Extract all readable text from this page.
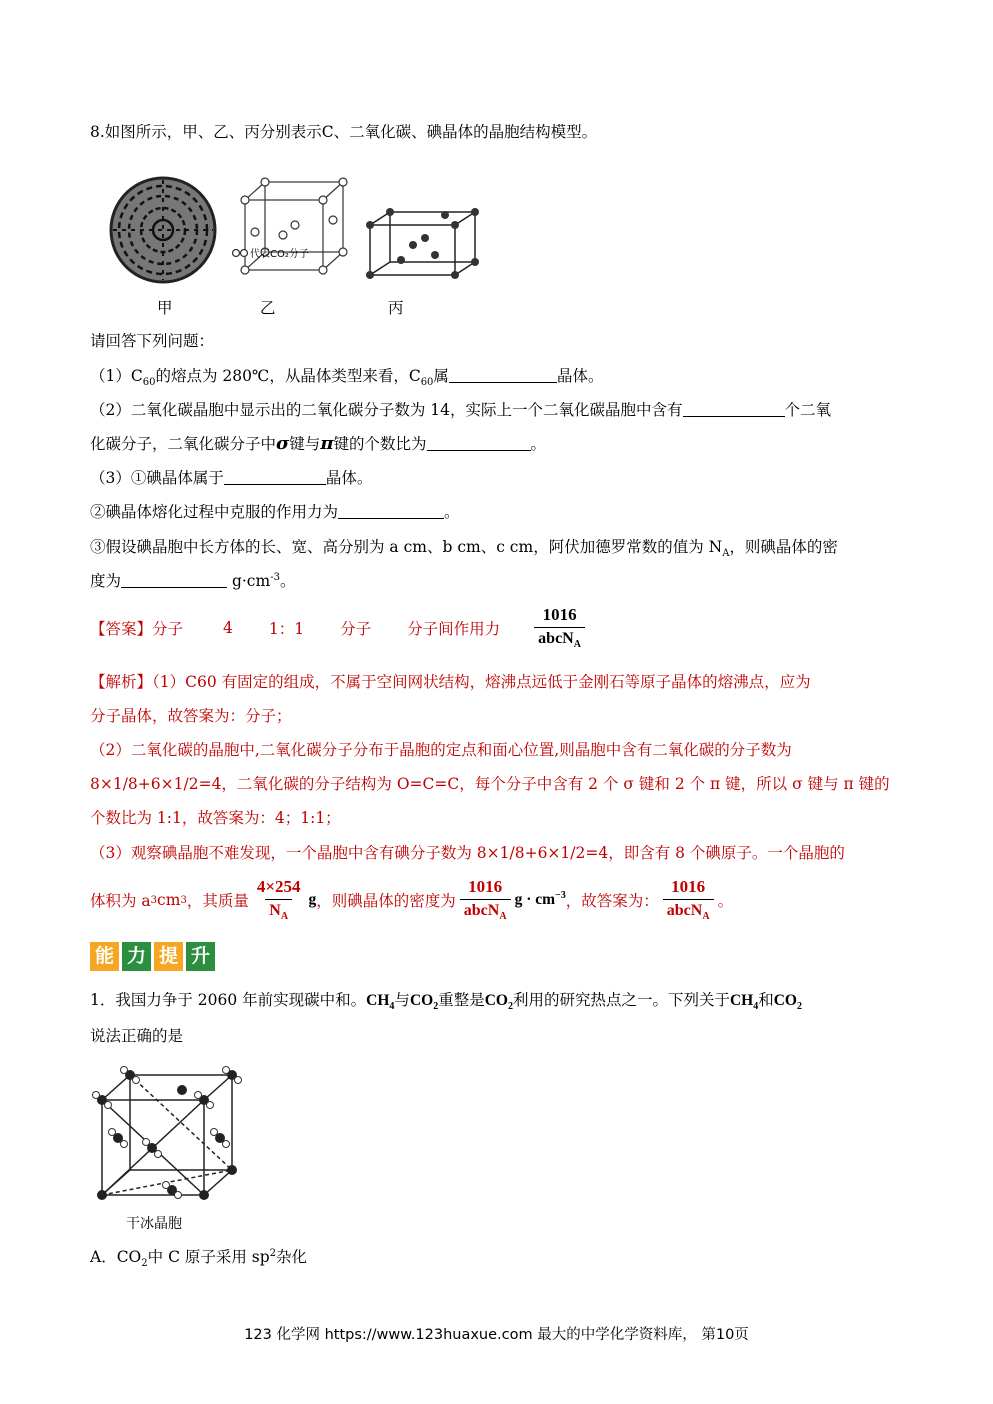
8.如图所示，甲、乙、丙分别表示C、二氧化碳、碘晶体的晶胞结构模型。
代表CO₂分子
甲	乙	丙
请回答下列问题：
$(1)C_{60}$的熔点为 280℃，从晶体类型来看，$C_{60}$属	晶体。
（2）二氧化碳晶胞中显示出的二氧化碳分子数为 14，实际上一个二氧化碳晶胞中含有	个二氧
化碳分子，二氧化碳分子中σ键与π键的个数比为	。
（3）①碘晶体属于	晶体。
②碘晶体熔化过程中克服的作用力为	。
③假设碘晶胞中长方体的长、宽、高分别为 a cm、b cm、c cm，阿伏加德罗常数的值为 $N_A$，则碘晶体的密
度为	$g\cdot cm^{-3}$。
【答案】 分子	4 1：1 分子 分子间作用力 $\frac{1016}{abcN_A}$
【解析】（1）C60 有固定的组成，不属于空间网状结构，熔沸点远低于金刚石等原子晶体的熔沸点，应为
分子晶体，故答案为：分子；
（2）二氧化碳的晶胞中,二氧化碳分子分布于晶胞的定点和面心位置,则晶胞中含有二氧化碳的分子数为
8×1/8+6×1/2=4，二氧化碳的分子结构为 O=C=C，每个分子中含有 2 个 σ 键和 2 个 π 键，所以 σ 键与 π 键的
个数比为 1:1，故答案为：4；1:1；
（3）观察碘晶胞不难发现，一个晶胞中含有碘分子数为 8×1/8+6×1/2=4，即含有 8 个碘原子。一个晶胞的
体积为 a 3 cm 3 ，其质量 $\frac{4\times 254}{N_A}$ g ，则碘晶体的密度为 $\frac{1016}{abcN_A}$ $g \cdot cm^{-3}$ ，故答案为： $\frac{1016}{abcN_A}$ 。
能 力 提 升
1．我国力争于 2060 年前实现碳中和。$CH_4$与$CO_2$重整是$CO_2$利用的研究热点之一。下列关于$CH_4$和$CO_2$
说法正确的是
干冰晶胞
A．$CO_2$中 C 原子采用 $sp^2$杂化
123 化学网 https://www.123huaxue.com 最大的中学化学资料库， 第10页
